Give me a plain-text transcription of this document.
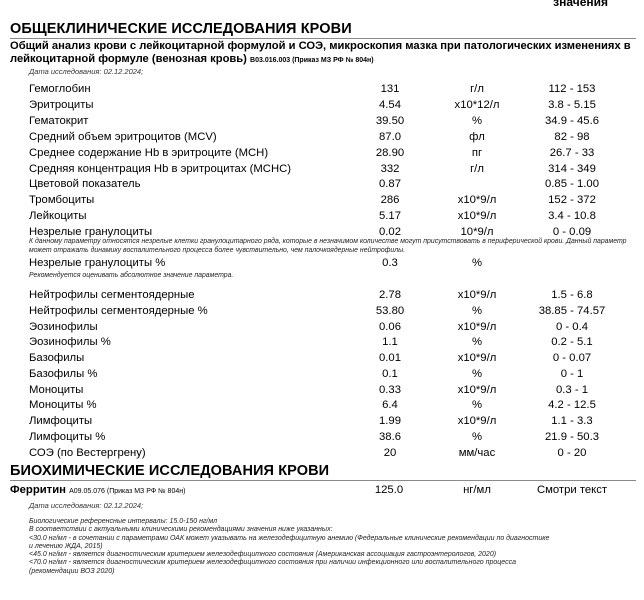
значения
ОБЩЕКЛИНИЧЕСКИЕ ИССЛЕДОВАНИЯ КРОВИ
Общий анализ крови с лейкоцитарной формулой и СОЭ, микроскопия мазка при патологических изменениях в лейкоцитарной формуле (венозная кровь) B03.016.003 (Приказ МЗ РФ № 804н)
Дата исследования: 02.12.2024;
Гемоглобин	131	г/л	112 - 153
Эритроциты	4.54	x10*12/л	3.8 - 5.15
Гематокрит	39.50	%	34.9 - 45.6
Средний объем эритроцитов (MCV)	87.0	фл	82 - 98
Среднее содержание Hb в эритроците (MCH)	28.90	пг	26.7 - 33
Средняя концентрация Hb в эритроцитах (MCHC)	332	г/л	314 - 349
Цветовой показатель	0.87	0.85 - 1.00
Тромбоциты	286	x10*9/л	152 - 372
Лейкоциты	5.17	x10*9/л	3.4 - 10.8
Незрелые гранулоциты	0.02	10*9/л	0 - 0.09
К данному параметру относятся незрелые клетки гранулоцитарного ряда, которые в незначимом количестве могут присутствовать в периферической крови. Данный параметр может отражать динамику воспалительного процесса более чувствительно, чем палочкоядерные нейтрофилы.
Незрелые гранулоциты %	0.3	%
Рекомендуется оценивать абсолютное значение параметра.
Нейтрофилы сегментоядерные	2.78	x10*9/л	1.5 - 6.8
Нейтрофилы сегментоядерные %	53.80	%	38.85 - 74.57
Эозинофилы	0.06	x10*9/л	0 - 0.4
Эозинофилы %	1.1	%	0.2 - 5.1
Базофилы	0.01	x10*9/л	0 - 0.07
Базофилы %	0.1	%	0 - 1
Моноциты	0.33	x10*9/л	0.3 - 1
Моноциты %	6.4	%	4.2 - 12.5
Лимфоциты	1.99	x10*9/л	1.1 - 3.3
Лимфоциты %	38.6	%	21.9 - 50.3
СОЭ (по Вестергрену)	20	мм/час	0 - 20
БИОХИМИЧЕСКИЕ ИССЛЕДОВАНИЯ КРОВИ
Ферритин A09.05.076 (Приказ МЗ РФ № 804н)	125.0	нг/мл	Смотри текст
Дата исследования: 02.12.2024;
Биологические референсные интервалы: 15.0-150 нг/мл
В соответствии с актуальными клиническими рекомендациями значения ниже указанных:
<30.0 нг/мл - в сочетании с параметрами ОАК может указывать на железодефицитную анемию (Федеральные клинические рекомендации по диагностике
и лечению ЖДА, 2015)
<45.0 нг/мл - является диагностическим критерием железодефицитного состояния (Американская ассоциация гастроэнтерологов, 2020)
<70.0 нг/мл - является диагностическим критерием железодефицитного состояния при наличии инфекционного или воспалительного процесса
(рекомендации ВОЗ 2020)
